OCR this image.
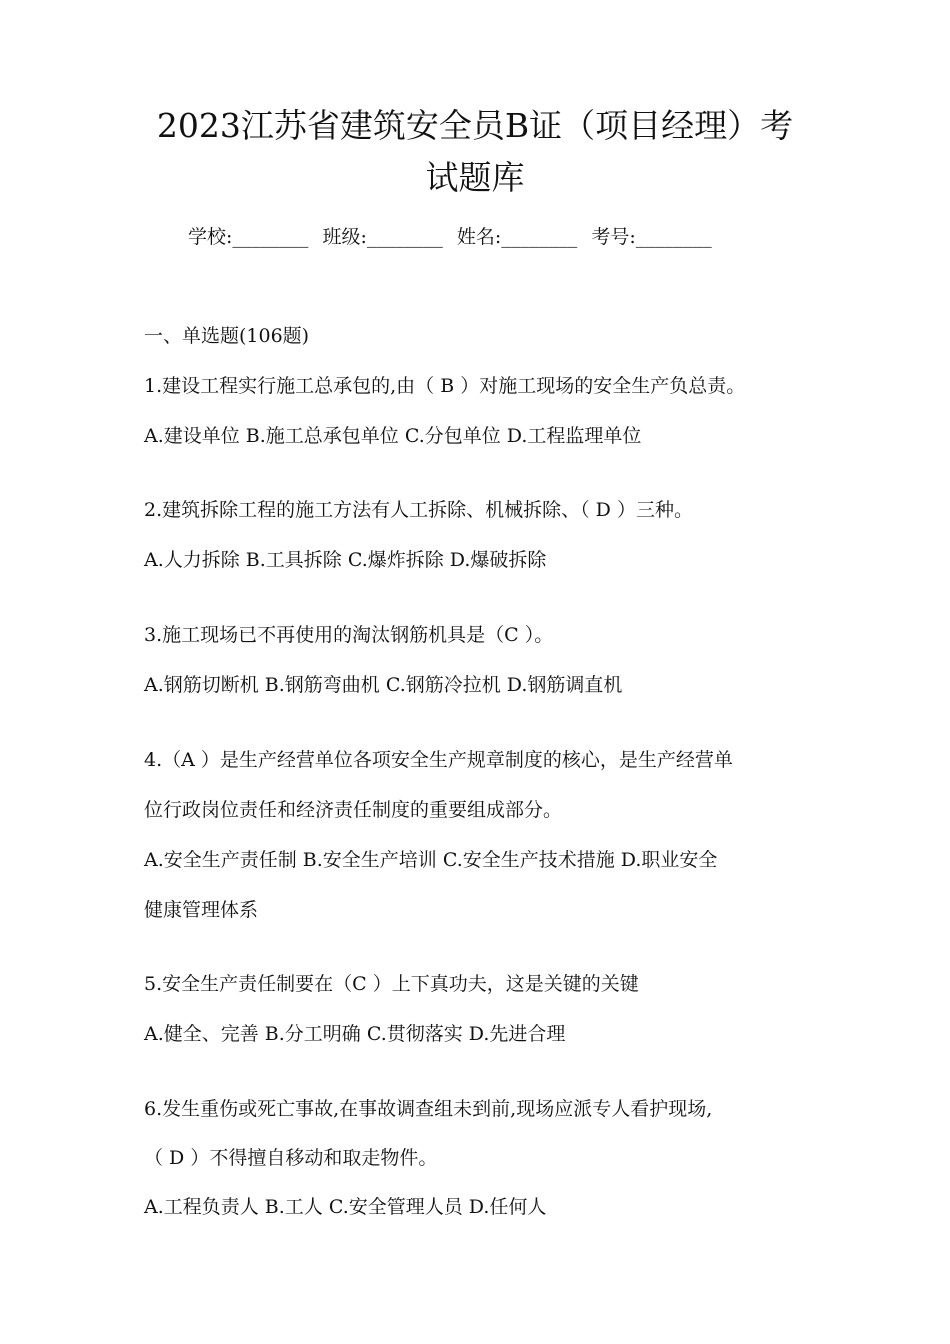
2023江苏省建筑安全员B证（项目经理）考
试题库
学校:________ 班级:________ 姓名:________ 考号:________
一、单选题(106题)
1.建设工程实行施工总承包的,由（ B ）对施工现场的安全生产负总责。
A.建设单位 B.施工总承包单位 C.分包单位 D.工程监理单位
2.建筑拆除工程的施工方法有人工拆除、机械拆除、（ D ）三种。
A.人力拆除 B.工具拆除 C.爆炸拆除 D.爆破拆除
3.施工现场已不再使用的淘汰钢筋机具是（C ）。
A.钢筋切断机 B.钢筋弯曲机 C.钢筋冷拉机 D.钢筋调直机
4.（A ）是生产经营单位各项安全生产规章制度的核心，是生产经营单
位行政岗位责任和经济责任制度的重要组成部分。
A.安全生产责任制 B.安全生产培训 C.安全生产技术措施 D.职业安全
健康管理体系
5.安全生产责任制要在（C ）上下真功夫，这是关键的关键
A.健全、完善 B.分工明确 C.贯彻落实 D.先进合理
6.发生重伤或死亡事故,在事故调查组未到前,现场应派专人看护现场,
（ D ）不得擅自移动和取走物件。
A.工程负责人 B.工人 C.安全管理人员 D.任何人
